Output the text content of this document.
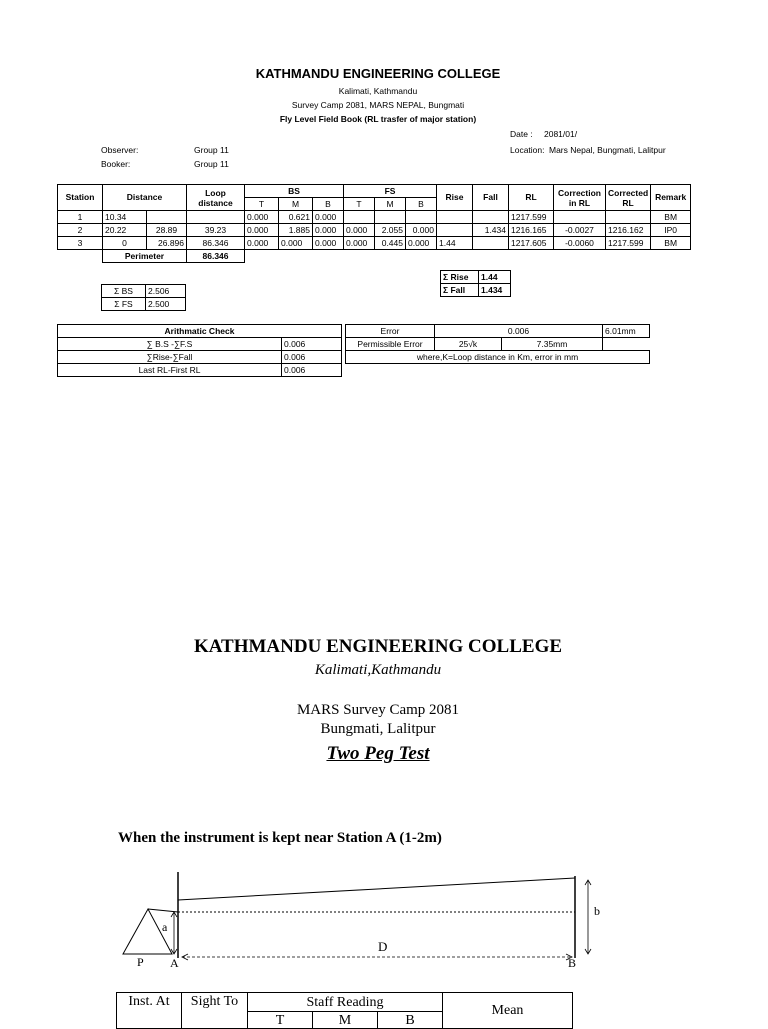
KATHMANDU ENGINEERING COLLEGE
Kalimati, Kathmandu
Survey Camp 2081, MARS NEPAL, Bungmati
Fly Level Field Book (RL trasfer of major station)
Date : 2081/01/
Location: Mars Nepal, Bungmati, Lalitpur
Observer:	Group 11
Booker:	Group 11
Station	Distance		Loop distance	BS			FS			Rise	Fall	RL	Correction in RL	Corrected RL	Remark
				T	M	B	T	M	B						
1	10.34			0.000	0.621	0.000						1217.599			BM
2	20.22	28.89	39.23	0.000	1.885	0.000	0.000	2.055	0.000		1.434	1216.165	-0.0027	1216.162	IP0
3	0	26.896	86.346	0.000	0.000	0.000	0.000	0.445	0.000	1.44		1217.605	-0.0060	1217.599	BM
	Perimeter		86.346												
Σ Rise	1.44
Σ Fall	1.434
Σ BS	2.506
Σ FS	2.500
Arithmatic Check	
∑ B.S -∑F.S	0.006
∑Rise-∑Fall	0.006
Last RL-First RL	0.006
Error	0.006		6.01mm
Permissible Error	25√k	7.35mm	
where,K=Loop distance in Km, error in mm			
KATHMANDU ENGINEERING COLLEGE
Kalimati,Kathmandu
MARS Survey Camp 2081
Bungmati, Lalitpur
Two Peg Test
When the instrument is kept near Station A (1-2m)
a
b
D
P A	B
Inst. At	Sight To	Staff Reading			Mean
		T	M	B	
